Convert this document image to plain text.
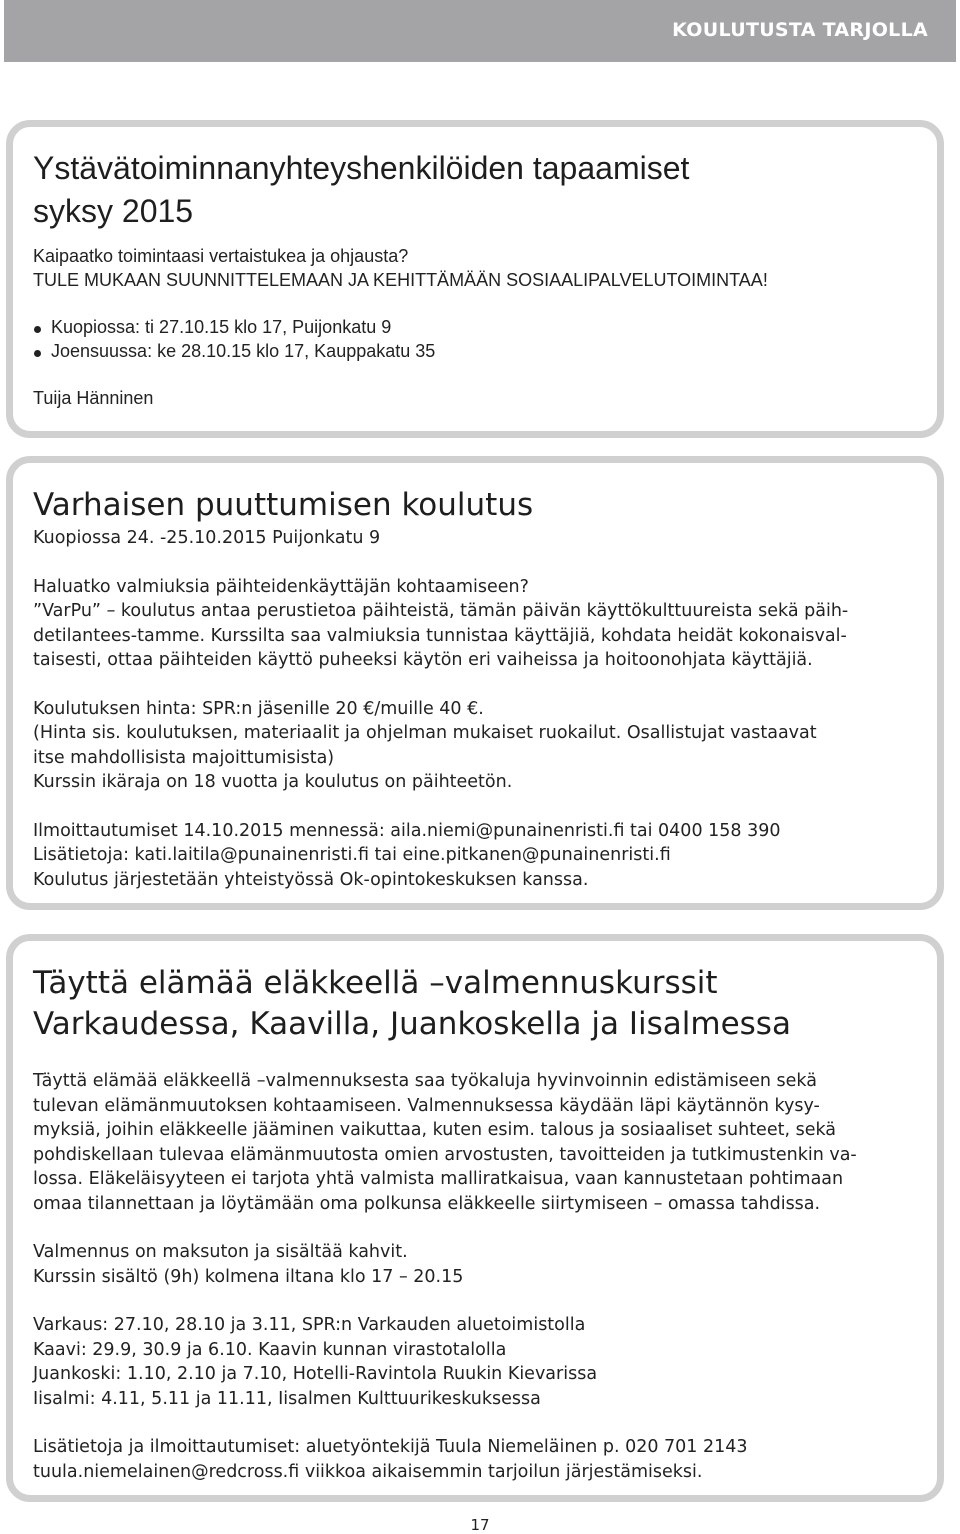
KOULUTUSTA TARJOLLA
Ystävätoiminnanyhteyshenkilöiden tapaamiset
syksy 2015
Kaipaatko toimintaasi vertaistukea ja ohjausta?
TULE MUKAAN SUUNNITTELEMAAN JA KEHITTÄMÄÄN SOSIAALIPALVELUTOIMINTAA!
Kuopiossa: ti 27.10.15 klo 17, Puijonkatu 9
Joensuussa: ke 28.10.15 klo 17, Kauppakatu 35
Tuija Hänninen
Varhaisen puuttumisen koulutus
Kuopiossa 24. -25.10.2015 Puijonkatu 9
Haluatko valmiuksia päihteidenkäyttäjän kohtaamiseen?
”VarPu” – koulutus antaa perustietoa päihteistä, tämän päivän käyttökulttuureista sekä päih-
detilantees-tamme. Kurssilta saa valmiuksia tunnistaa käyttäjiä, kohdata heidät kokonaisval-
taisesti, ottaa päihteiden käyttö puheeksi käytön eri vaiheissa ja hoitoonohjata käyttäjiä.
Koulutuksen hinta: SPR:n jäsenille 20 €/muille 40 €.
(Hinta sis. koulutuksen, materiaalit ja ohjelman mukaiset ruokailut. Osallistujat vastaavat
itse mahdollisista majoittumisista)
Kurssin ikäraja on 18 vuotta ja koulutus on päihteetön.
Ilmoittautumiset 14.10.2015 mennessä: aila.niemi@punainenristi.fi tai 0400 158 390
Lisätietoja: kati.laitila@punainenristi.fi tai eine.pitkanen@punainenristi.fi
Koulutus järjestetään yhteistyössä Ok-opintokeskuksen kanssa.
Täyttä elämää eläkkeellä –valmennuskurssit
Varkaudessa, Kaavilla, Juankoskella ja Iisalmessa
Täyttä elämää eläkkeellä –valmennuksesta saa työkaluja hyvinvoinnin edistämiseen sekä
tulevan elämänmuutoksen kohtaamiseen. Valmennuksessa käydään läpi käytännön kysy-
myksiä, joihin eläkkeelle jääminen vaikuttaa, kuten esim. talous ja sosiaaliset suhteet, sekä
pohdiskellaan tulevaa elämänmuutosta omien arvostusten, tavoitteiden ja tutkimustenkin va-
lossa. Eläkeläisyyteen ei tarjota yhtä valmista malliratkaisua, vaan kannustetaan pohtimaan
omaa tilannettaan ja löytämään oma polkunsa eläkkeelle siirtymiseen – omassa tahdissa.
Valmennus on maksuton ja sisältää kahvit.
Kurssin sisältö (9h) kolmena iltana klo 17 – 20.15
Varkaus: 27.10, 28.10 ja 3.11, SPR:n Varkauden aluetoimistolla
Kaavi: 29.9, 30.9 ja 6.10. Kaavin kunnan virastotalolla
Juankoski: 1.10, 2.10 ja 7.10, Hotelli-Ravintola Ruukin Kievarissa
Iisalmi: 4.11, 5.11 ja 11.11, Iisalmen Kulttuurikeskuksessa
Lisätietoja ja ilmoittautumiset: aluetyöntekijä Tuula Niemeläinen p. 020 701 2143
tuula.niemelainen@redcross.fi viikkoa aikaisemmin tarjoilun järjestämiseksi.
17
